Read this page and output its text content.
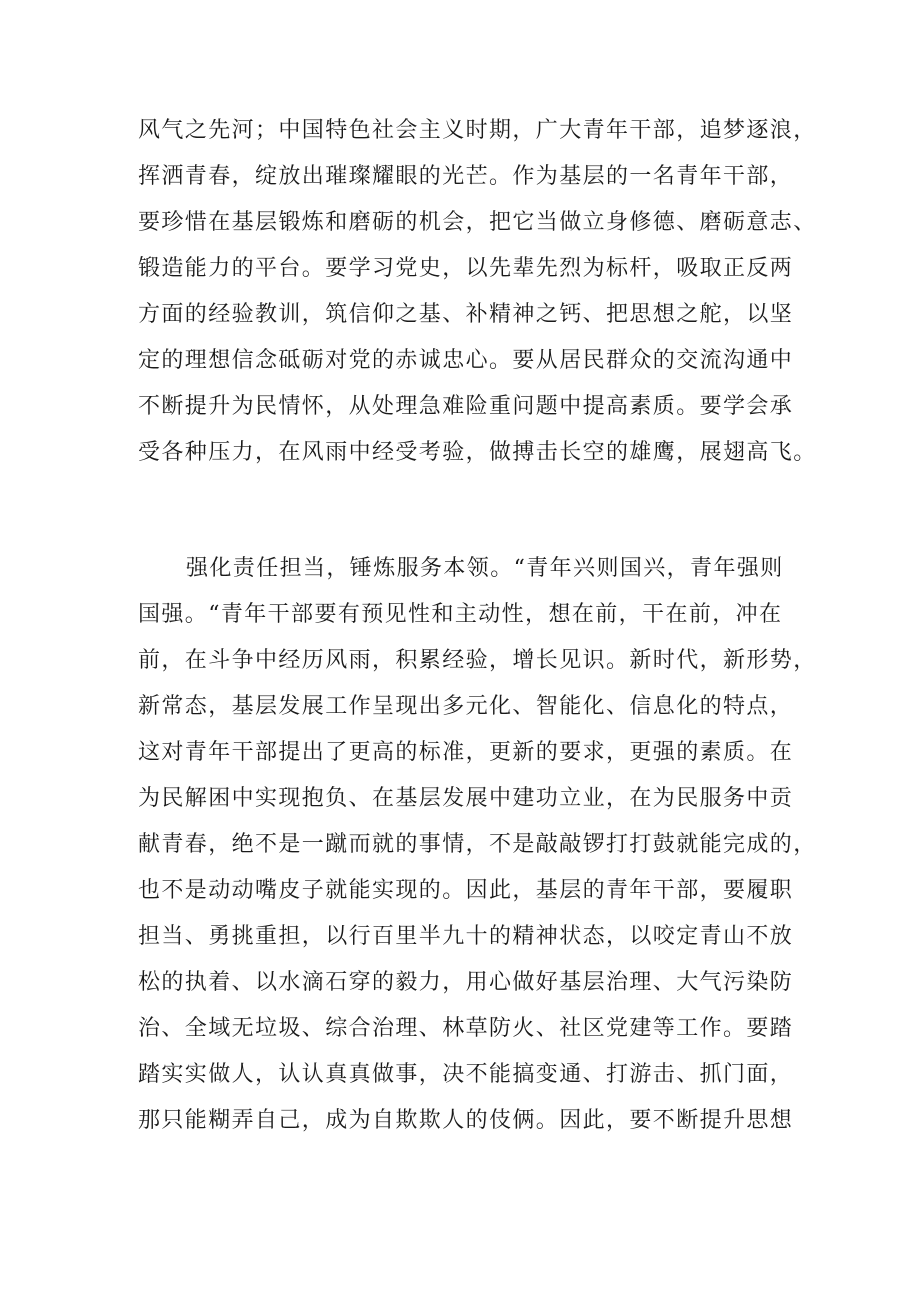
风气之先河；中国特色社会主义时期，广大青年干部，追梦逐浪，
挥洒青春，绽放出璀璨耀眼的光芒。作为基层的一名青年干部，
要珍惜在基层锻炼和磨砺的机会，把它当做立身修德、磨砺意志、
锻造能力的平台。要学习党史，以先辈先烈为标杆，吸取正反两
方面的经验教训，筑信仰之基、补精神之钙、把思想之舵，以坚
定的理想信念砥砺对党的赤诚忠心。要从居民群众的交流沟通中
不断提升为民情怀，从处理急难险重问题中提高素质。要学会承
受各种压力，在风雨中经受考验，做搏击长空的雄鹰，展翅高飞。
强化责任担当，锤炼服务本领。“青年兴则国兴，青年强则
国强。“青年干部要有预见性和主动性，想在前，干在前，冲在
前，在斗争中经历风雨，积累经验，增长见识。新时代，新形势，
新常态，基层发展工作呈现出多元化、智能化、信息化的特点，
这对青年干部提出了更高的标准，更新的要求，更强的素质。在
为民解困中实现抱负、在基层发展中建功立业，在为民服务中贡
献青春，绝不是一蹴而就的事情，不是敲敲锣打打鼓就能完成的，
也不是动动嘴皮子就能实现的。因此，基层的青年干部，要履职
担当、勇挑重担，以行百里半九十的精神状态，以咬定青山不放
松的执着、以水滴石穿的毅力，用心做好基层治理、大气污染防
治、全域无垃圾、综合治理、林草防火、社区党建等工作。要踏
踏实实做人，认认真真做事，决不能搞变通、打游击、抓门面，
那只能糊弄自己，成为自欺欺人的伎俩。因此，要不断提升思想
